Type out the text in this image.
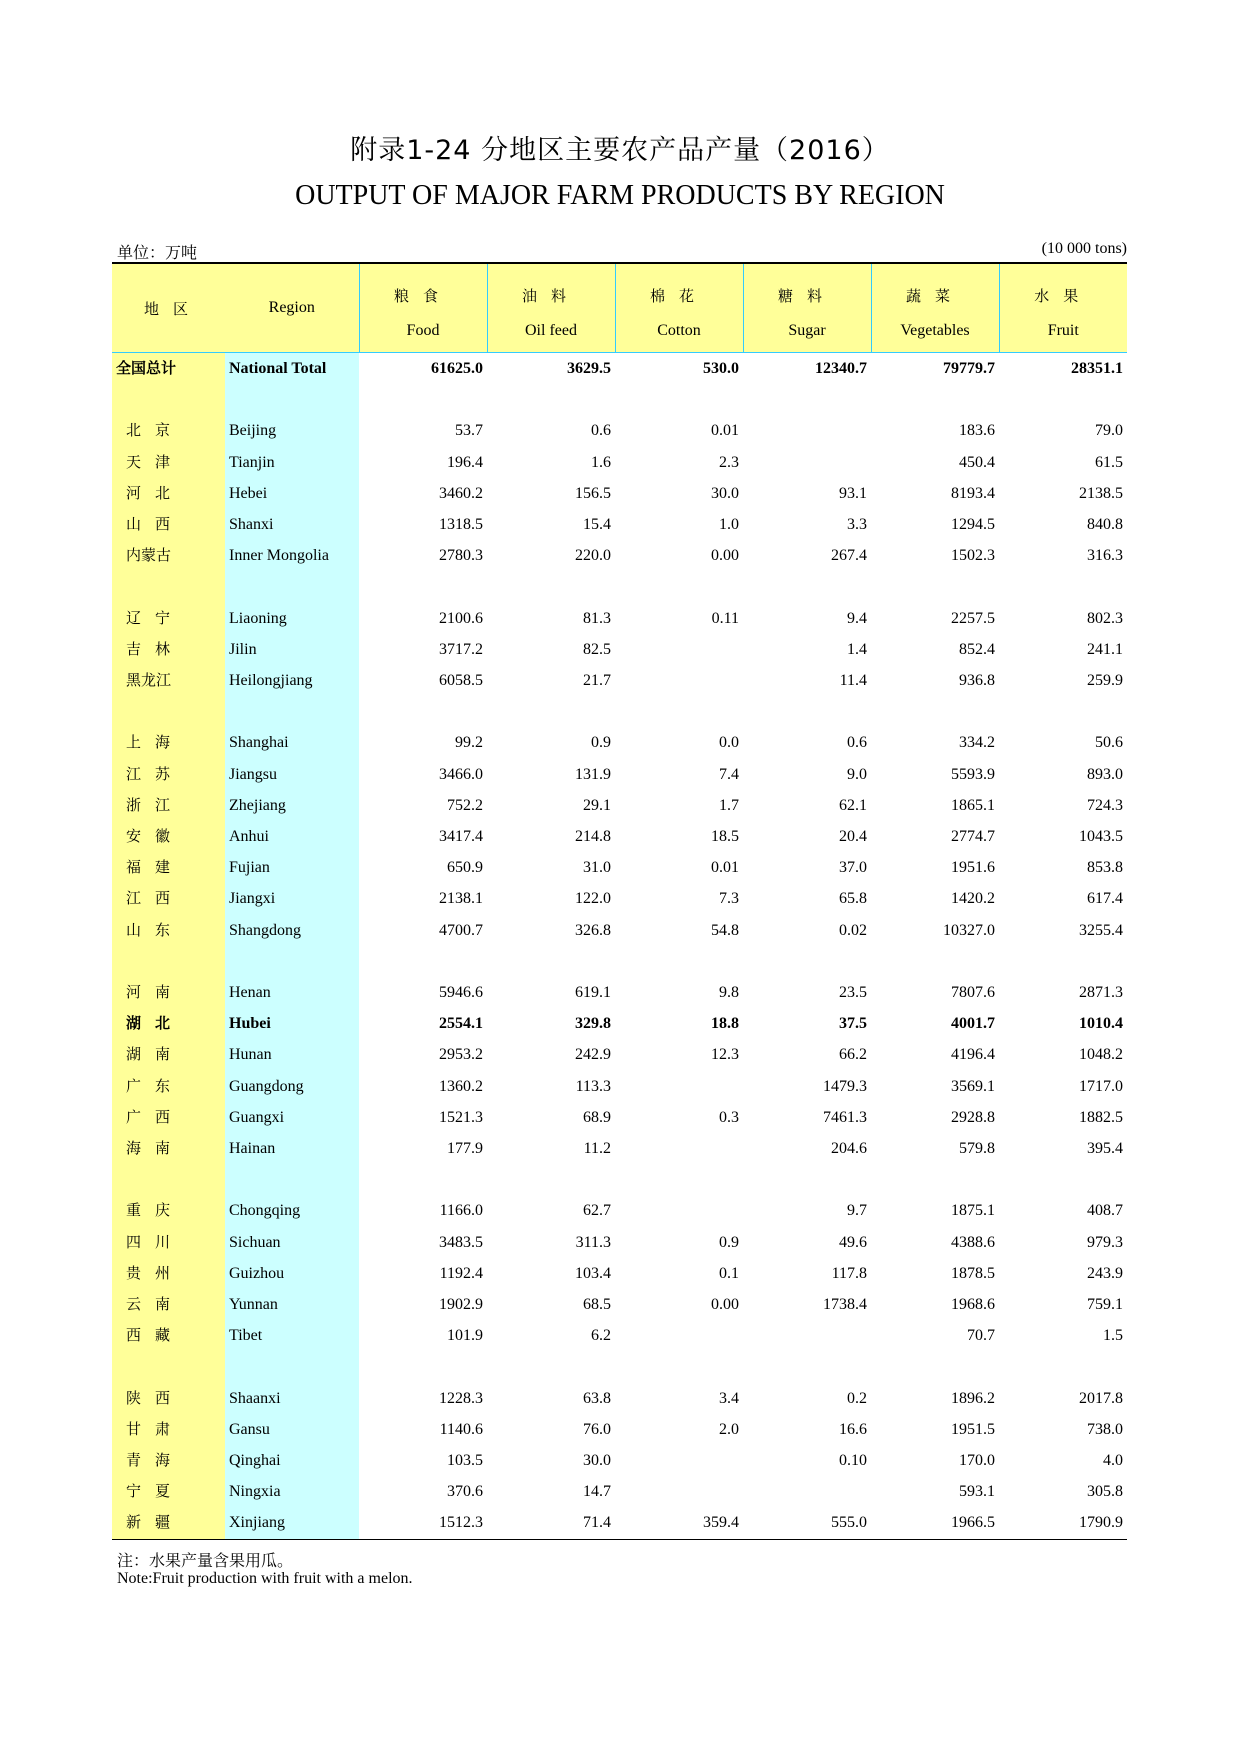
附录1-24 分地区主要农产品产量（2016）
OUTPUT OF MAJOR FARM PRODUCTS BY REGION
单位：万吨	(10 000 tons)
地区	Region	粮食	油料	棉花	糖料	蔬菜	水果
		Food	Oil feed	Cotton	Sugar	Vegetables	Fruit
全国总计	National Total	61625.0	3629.5	530.0	12340.7	79779.7	28351.1

北京	Beijing	53.7	0.6	0.01		183.6	79.0
天津	Tianjin	196.4	1.6	2.3		450.4	61.5
河北	Hebei	3460.2	156.5	30.0	93.1	8193.4	2138.5
山西	Shanxi	1318.5	15.4	1.0	3.3	1294.5	840.8
内蒙古	Inner Mongolia	2780.3	220.0	0.00	267.4	1502.3	316.3

辽宁	Liaoning	2100.6	81.3	0.11	9.4	2257.5	802.3
吉林	Jilin	3717.2	82.5		1.4	852.4	241.1
黑龙江	Heilongjiang	6058.5	21.7		11.4	936.8	259.9

上海	Shanghai	99.2	0.9	0.0	0.6	334.2	50.6
江苏	Jiangsu	3466.0	131.9	7.4	9.0	5593.9	893.0
浙江	Zhejiang	752.2	29.1	1.7	62.1	1865.1	724.3
安徽	Anhui	3417.4	214.8	18.5	20.4	2774.7	1043.5
福建	Fujian	650.9	31.0	0.01	37.0	1951.6	853.8
江西	Jiangxi	2138.1	122.0	7.3	65.8	1420.2	617.4
山东	Shangdong	4700.7	326.8	54.8	0.02	10327.0	3255.4

河南	Henan	5946.6	619.1	9.8	23.5	7807.6	2871.3
湖北	Hubei	2554.1	329.8	18.8	37.5	4001.7	1010.4
湖南	Hunan	2953.2	242.9	12.3	66.2	4196.4	1048.2
广东	Guangdong	1360.2	113.3		1479.3	3569.1	1717.0
广西	Guangxi	1521.3	68.9	0.3	7461.3	2928.8	1882.5
海南	Hainan	177.9	11.2		204.6	579.8	395.4

重庆	Chongqing	1166.0	62.7		9.7	1875.1	408.7
四川	Sichuan	3483.5	311.3	0.9	49.6	4388.6	979.3
贵州	Guizhou	1192.4	103.4	0.1	117.8	1878.5	243.9
云南	Yunnan	1902.9	68.5	0.00	1738.4	1968.6	759.1
西藏	Tibet	101.9	6.2			70.7	1.5

陕西	Shaanxi	1228.3	63.8	3.4	0.2	1896.2	2017.8
甘肃	Gansu	1140.6	76.0	2.0	16.6	1951.5	738.0
青海	Qinghai	103.5	30.0		0.10	170.0	4.0
宁夏	Ningxia	370.6	14.7			593.1	305.8
新疆	Xinjiang	1512.3	71.4	359.4	555.0	1966.5	1790.9
注：水果产量含果用瓜。
Note:Fruit production with fruit with a melon.
